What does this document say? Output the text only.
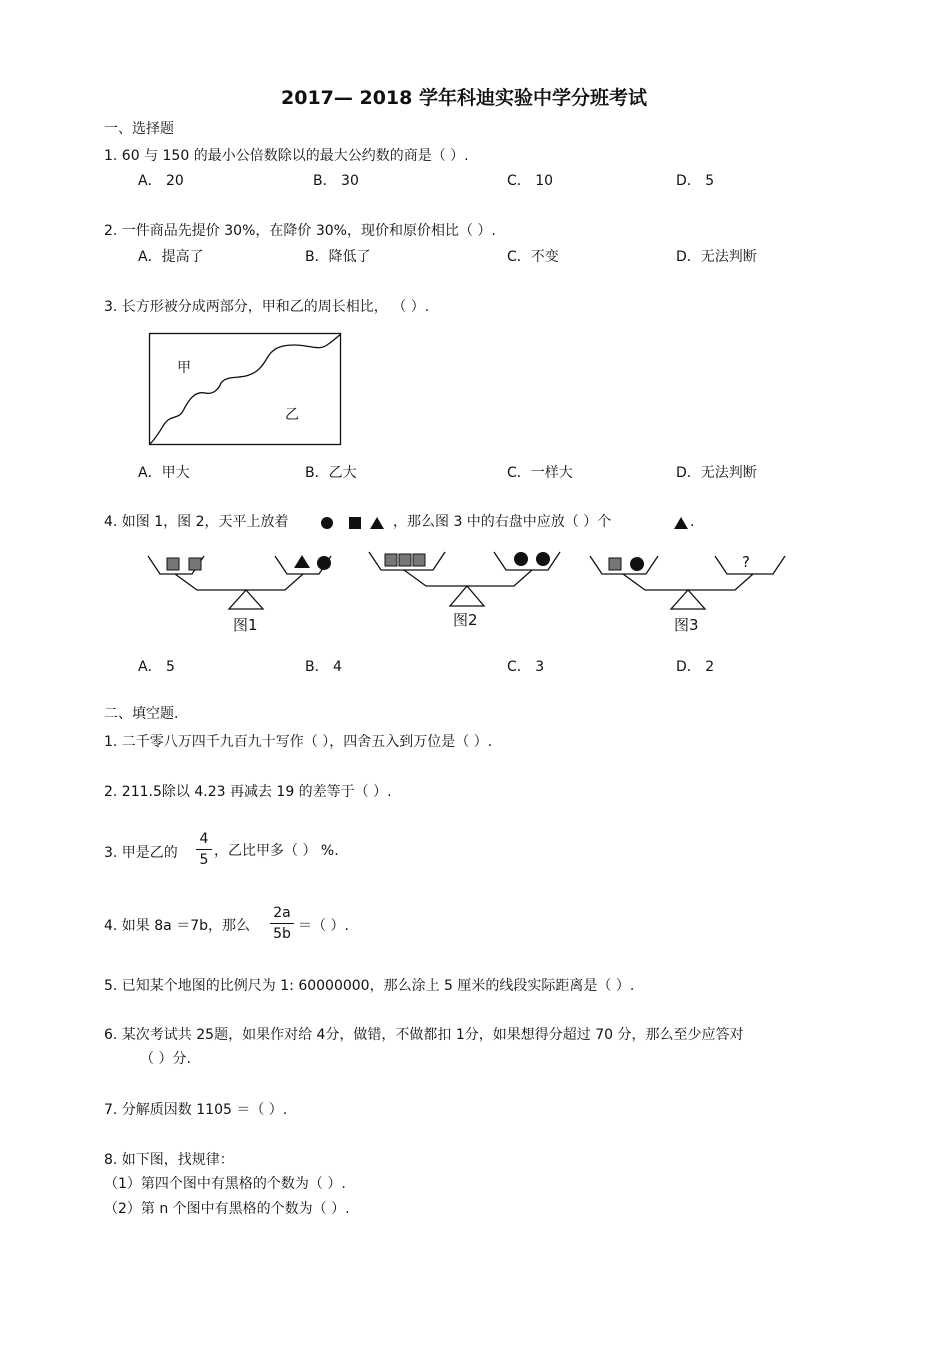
2017— 2018 学年科迪实验中学分班考试
一、选择题
1. 60 与 150 的最小公倍数除以的最大公约数的商是（ ）.
A． 20	B． 30	C． 10	D． 5
2. 一件商品先提价 30%，在降价 30%，现价和原价相比（ ）.
A．提高了	B．降低了	C．不变	D．无法判断
3. 长方形被分成两部分，甲和乙的周长相比， （ ）.
甲
乙
A．甲大	B．乙大	C．一样大	D．无法判断
4. 如图 1，图 2，天平上放着	，那么图 3 中的右盘中应放（ ）个	.
图1	图2
?
图3
A． 5	B． 4	C． 3	D． 2
二、填空题.
1. 二千零八万四千九百九十写作（ ），四舍五入到万位是（ ）.
2. 211.5除以 4.23 再减去 19 的差等于（ ）.
3. 甲是乙的
4
5
，乙比甲多（ ） %.
4. 如果 8a ＝7b，那么
2a
5b ＝（ ）.
5. 已知某个地图的比例尺为 1: 60000000，那么涂上 5 厘米的线段实际距离是（ ）.
6. 某次考试共 25题，如果作对给 4分，做错，不做都扣 1分，如果想得分超过 70 分，那么至少应答对
（ ）分.
7. 分解质因数 1105 ＝（ ）.
8. 如下图，找规律：
（1）第四个图中有黑格的个数为（ ）.
（2）第 n 个图中有黑格的个数为（ ）.
